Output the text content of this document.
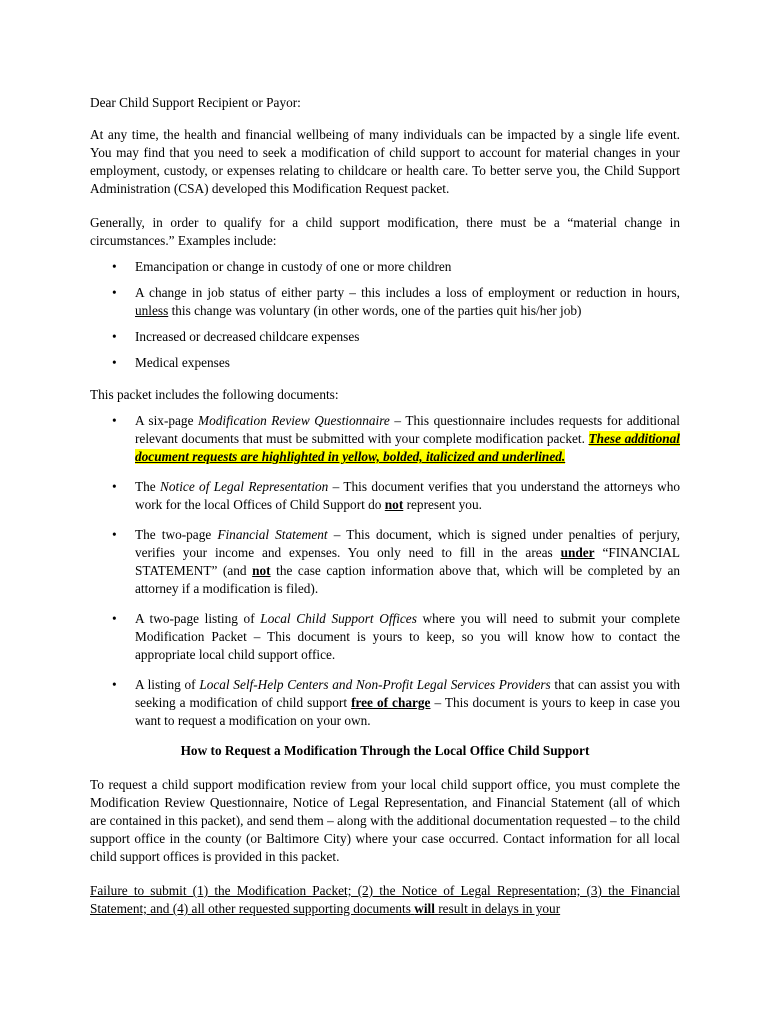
Dear Child Support Recipient or Payor:

At any time, the health and financial wellbeing of many individuals can be impacted by a single life event. You may find that you need to seek a modification of child support to account for material changes in your employment, custody, or expenses relating to childcare or health care. To better serve you, the Child Support Administration (CSA) developed this Modification Request packet.

Generally, in order to qualify for a child support modification, there must be a “material change in circumstances.” Examples include:

• Emancipation or change in custody of one or more children
• A change in job status of either party – this includes a loss of employment or reduction in hours, unless this change was voluntary (in other words, one of the parties quit his/her job)
• Increased or decreased childcare expenses
• Medical expenses

This packet includes the following documents:

• A six-page Modification Review Questionnaire – This questionnaire includes requests for additional relevant documents that must be submitted with your complete modification packet. These additional document requests are highlighted in yellow, bolded, italicized and underlined.
• The Notice of Legal Representation – This document verifies that you understand the attorneys who work for the local Offices of Child Support do not represent you.
• The two-page Financial Statement – This document, which is signed under penalties of perjury, verifies your income and expenses. You only need to fill in the areas under “FINANCIAL STATEMENT” (and not the case caption information above that, which will be completed by an attorney if a modification is filed).
• A two-page listing of Local Child Support Offices where you will need to submit your complete Modification Packet – This document is yours to keep, so you will know how to contact the appropriate local child support office.
• A listing of Local Self-Help Centers and Non-Profit Legal Services Providers that can assist you with seeking a modification of child support free of charge – This document is yours to keep in case you want to request a modification on your own.

How to Request a Modification Through the Local Office Child Support

To request a child support modification review from your local child support office, you must complete the Modification Review Questionnaire, Notice of Legal Representation, and Financial Statement (all of which are contained in this packet), and send them – along with the additional documentation requested – to the child support office in the county (or Baltimore City) where your case occurred. Contact information for all local child support offices is provided in this packet.

Failure to submit (1) the Modification Packet; (2) the Notice of Legal Representation; (3) the Financial Statement; and (4) all other requested supporting documents will result in delays in your
